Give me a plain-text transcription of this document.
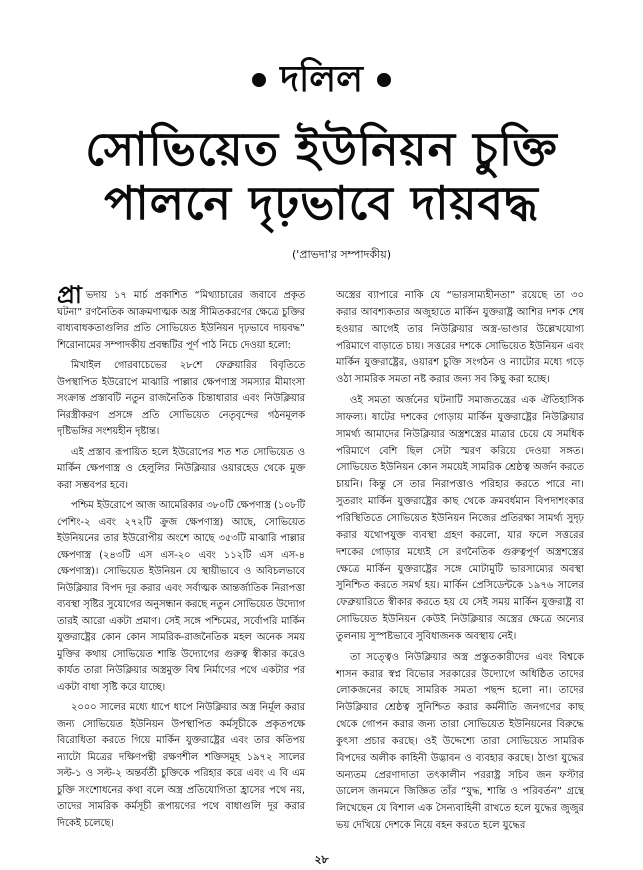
দলিল
সোভিয়েত ইউনিয়ন চুক্তি
পালনে দৃঢ়ভাবে দায়বদ্ধ
('প্রাভদা'র সম্পাদকীয়)

প্রা ভদায় ১৭ মার্চ প্রকাশিত “মিথ্যাচারের জবাবে প্রকৃত ঘটনা” রণনৈতিক আক্রমণাত্মক অস্ত্র সীমিতকরণের ক্ষেত্রে চুক্তির বাধ্যবাধকতাগুলির প্রতি সোভিয়েত ইউনিয়ন দৃঢ়ভাবে দায়বদ্ধ” শিরোনামের সম্পাদকীয় প্রবন্ধটির পূর্ণ পাঠ নিচে দেওয়া হলো:

মিখাইল গোরবাচেভের ২৮শে ফেব্রুয়ারির বিবৃতিতে উপস্থাপিত ইউরোপে মাঝারি পাল্লার ক্ষেপণাস্ত্র সমস্যার মীমাংসা সংক্রান্ত প্রস্তাবটি নতুন রাজনৈতিক চিন্তাধারার এবং নিউক্লিয়ার নিরস্ত্রীকরণ প্রসঙ্গে প্রতি সোভিয়েত নেতৃবৃন্দের গঠনমূলক দৃষ্টিভঙ্গির সংশয়হীন দৃষ্টান্ত।

এই প্রস্তাব রূপায়িত হলে ইউরোপের শত শত সোভিয়েত ও মার্কিন ক্ষেপণাস্ত্র ও হেলুলির নিউক্লিয়ার ওয়ারহেড থেকে মুক্ত করা সম্ভবপর হবে।

পশ্চিম ইউরোপে আজ আমেরিকার ৩৮০টি ক্ষেপণাস্ত্র (১০৮টি পেশিং-২ এবং ২৭২টি ক্রুজ ক্ষেপণাস্ত্র) আছে, সোভিয়েত ইউনিয়নের তার ইউরোপীয় অংশে আছে ৩৫৩টি মাঝারি পাল্লার ক্ষেপণাস্ত্র (২৪৩টি এস এস-২০ এবং ১১২টি এস এস-৪ ক্ষেপণাস্ত্র)। সোভিয়েত ইউনিয়ন যে স্থায়ীভাবে ও অবিচলভাবে নিউক্লিয়ার বিপদ দূর করার এবং সর্বাত্মক আন্তর্জাতিক নিরাপত্তা ব্যবস্থা সৃষ্টির সুযোগের অনুসন্ধান করছে নতুন সোভিয়েত উদ্যোগ তারই আরো একটা প্রমাণ। সেই সঙ্গে পশ্চিমের, সর্বোপরি মার্কিন যুক্তরাষ্ট্রের কোন কোন সামরিক-রাজনৈতিক মহল অনেক সময় মুক্তির কথায় সোভিয়েত শান্তি উদ্যোগের গুরুত্ব স্বীকার করেও কার্যত তারা নিউক্লিয়ার অস্ত্রমুক্ত বিশ্ব নির্মাণের পথে একটার পর একটা বাধা সৃষ্টি করে যাচ্ছে।

২০০০ সালের মধ্যে ধাপে ধাপে নিউক্লিয়ার অস্ত্র নির্মূল করার জন্য সোভিয়েত ইউনিয়ন উপস্থাপিত কর্মসূচীকে প্রকৃতপক্ষে বিরোধিতা করতে গিয়ে মার্কিন যুক্তরাষ্ট্রের এবং তার কতিপয় ন্যাটো মিত্রের দক্ষিণপন্থী রক্ষণশীল শক্তিসমূহ ১৯৭২ সালের সল্ট-১ ও সল্ট-২ অন্তর্বর্তী চুক্তিকে পরিহার করে এবং এ বি এম চুক্তি সংশোধনের কথা বলে অস্ত্র প্রতিযোগিতা হ্রাসের পথে নয়, তাদের সামরিক কর্মসূচী রূপায়ণের পথে বাধাগুলি দূর করার দিকেই চলেছে।

অস্ত্রের ব্যাপারে নাকি যে “ভারসাম্যহীনতা” রয়েছে তা ৩০ করার আবশ্যকতার অজুহাতে মার্কিন যুক্তরাষ্ট্র আশির দশক শেষ হওয়ার আগেই তার নিউক্লিয়ার অস্ত্র-ভাণ্ডার উল্লেখযোগ্য পরিমাণে বাড়াতে চায়। সত্তরের দশকে সোভিয়েত ইউনিয়ন এবং মার্কিন যুক্তরাষ্ট্রের, ওয়ারশ চুক্তি সংগঠন ও ন্যাটোর মধ্যে গড়ে ওঠা সামরিক সমতা নষ্ট করার জন্য সব কিছু করা হচ্ছে।

ওই সমতা অর্জনের ঘটনাটি সমাজতন্ত্রের এক ঐতিহাসিক সাফল্য। ষাটের দশকের গোড়ায় মার্কিন যুক্তরাষ্ট্রের নিউক্লিয়ার সামর্থ্য আমাদের নিউক্লিয়ার অস্ত্রশস্ত্রের মাত্রার চেয়ে যে সমধিক পরিমাণে বেশি ছিল সেটা স্মরণ করিয়ে দেওয়া সঙ্গত। সোভিয়েত ইউনিয়ন কোন সময়েই সামরিক শ্রেষ্ঠত্ব অর্জন করতে চায়নি। কিন্তু সে তার নিরাপত্তাও পরিহার করতে পারে না। সুতরাং মার্কিন যুক্তরাষ্ট্রের কাছ থেকে ক্রমবর্ধমান বিপদাশংকার পরিস্থিতিতে সোভিয়েত ইউনিয়ন নিজের প্রতিরক্ষা সামর্থ্য সুদৃঢ় করার যথোপযুক্ত ব্যবস্থা গ্রহণ করলো, যার ফলে সত্তরের দশকের গোড়ার মধ্যেই সে রণনৈতিক গুরুত্বপূর্ণ অস্ত্রশস্ত্রের ক্ষেত্রে মার্কিন যুক্তরাষ্ট্রের সঙ্গে মোটামুটি ভারসাম্যের অবস্থা সুনিশ্চিত করতে সমর্থ হয়। মার্কিন প্রেসিডেন্টকে ১৯৭৬ সালের ফেব্রুয়ারিতে স্বীকার করতে হয় যে সেই সময় মার্কিন যুক্তরাষ্ট্র বা সোভিয়েত ইউনিয়ন কেউই নিউক্লিয়ার অস্ত্রের ক্ষেত্রে অন্যের তুলনায় সুস্পষ্টভাবে সুবিধাজনক অবস্থায় নেই।

তা সত্ত্বেও নিউক্লিয়ার অস্ত্র প্রস্তুতকারীদের এবং বিশ্বকে শাসন করার স্বপ্ন বিভোর সরকারের উদ্যোগে অধিষ্ঠিত তাদের লোকজনের কাছে সামরিক সমতা পছন্দ হলো না। তাদের নিউক্লিয়ার শ্রেষ্ঠত্ব সুনিশ্চিত করার কর্মনীতি জনগণের কাছ থেকে গোপন করার জন্য তারা সোভিয়েত ইউনিয়নের বিরুদ্ধে কুৎসা প্রচার করছে। ওই উদ্দেশ্যে তারা সোভিয়েত সামরিক বিপদের অলীক কাহিনী উদ্ভাবন ও ব্যবহার করছে। ঠাণ্ডা যুদ্ধের অন্যতম প্রেরণাদাতা তৎকালীন পররাষ্ট্র সচিব জন ফস্টার ডালেস জনমনে জিজ্ঞিত তাঁর “যুদ্ধ, শান্তি ও পরিবর্তন” গ্রন্থে লিখেছেন যে বিশাল এক সৈন্যবাহিনী রাখতে হলে যুদ্ধের জুজুর ভয় দেখিয়ে দেশকে নিয়ে বহন করতে হলে যুদ্ধের

২৮
